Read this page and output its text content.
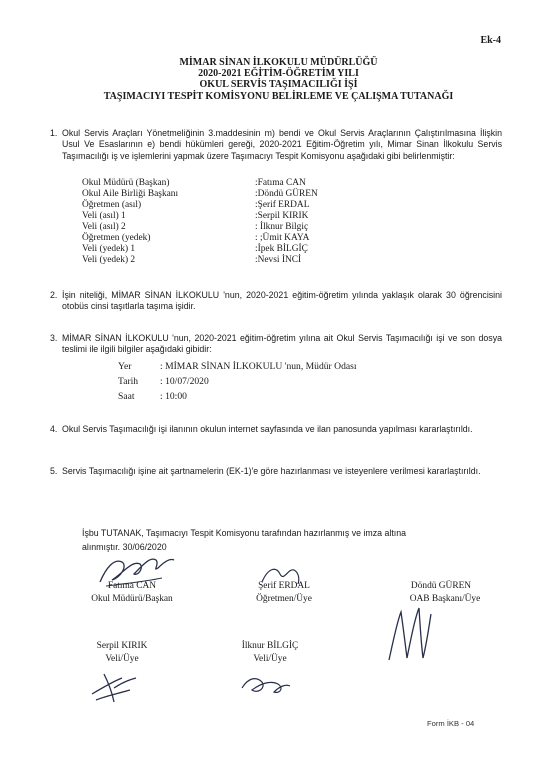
Ek-4
MİMAR SİNAN İLKOKULU MÜDÜRLÜĞÜ
2020-2021 EĞİTİM-ÖĞRETİM YILI
OKUL SERVİS TAŞIMACILIĞI İŞİ
TAŞIMACIYI TESPİT KOMİSYONU BELİRLEME VE ÇALIŞMA TUTANAĞI
1. Okul Servis Araçları Yönetmeliğinin 3.maddesinin m) bendi ve Okul Servis Araçlarının Çalıştırılmasına İlişkin Usul Ve Esaslarının e) bendi hükümleri gereği, 2020-2021 Eğitim-Öğretim yılı, Mimar Sinan İlkokulu Servis Taşımacılığı iş ve işlemlerini yapmak üzere Taşımacıyı Tespit Komisyonu aşağıdaki gibi belirlenmiştir:
Okul Müdürü (Başkan)	:Fatıma CAN
Okul Aile Birliği Başkanı	:Döndü GÜREN
Öğretmen (asıl)	:Şerif ERDAL
Veli (asıl) 1	:Serpil KIRIK
Veli (asıl) 2	: İlknur Bilgiç
Öğretmen (yedek)	: ;Ümit KAYA
Veli (yedek) 1	:İpek BİLGİÇ
Veli (yedek) 2	:Nevsi İNCİ
2. İşin niteliği, MİMAR SİNAN İLKOKULU 'nun, 2020-2021 eğitim-öğretim yılında yaklaşık olarak 30 öğrencisini otobüs cinsi taşıtlarla taşıma işidir.
3. MİMAR SİNAN İLKOKULU 'nun, 2020-2021 eğitim-öğretim yılına ait Okul Servis Taşımacılığı işi ve son dosya teslimi ile ilgili bilgiler aşağıdaki gibidir:
Yer	: MİMAR SİNAN İLKOKULU 'nun, Müdür Odası
Tarih : 10/07/2020
Saat	: 10:00
4. Okul Servis Taşımacılığı işi ilanının okulun internet sayfasında ve ilan panosunda yapılması kararlaştırıldı.
5. Servis Taşımacılığı işine ait şartnamelerin (EK-1)'e göre hazırlanması ve isteyenlere verilmesi kararlaştırıldı.
İşbu TUTANAK, Taşımacıyı Tespit Komisyonu tarafından hazırlanmış ve imza altına
alınmıştır. 30/06/2020
Fatıma CAN
Okul Müdürü/Başkan
Şerif ERDAL
Öğretmen/Üye
Döndü GÜREN
OAB Başkanı/Üye
Serpil KIRIK
Veli/Üye
İlknur BİLGİÇ
Veli/Üye
Form İKB - 04
